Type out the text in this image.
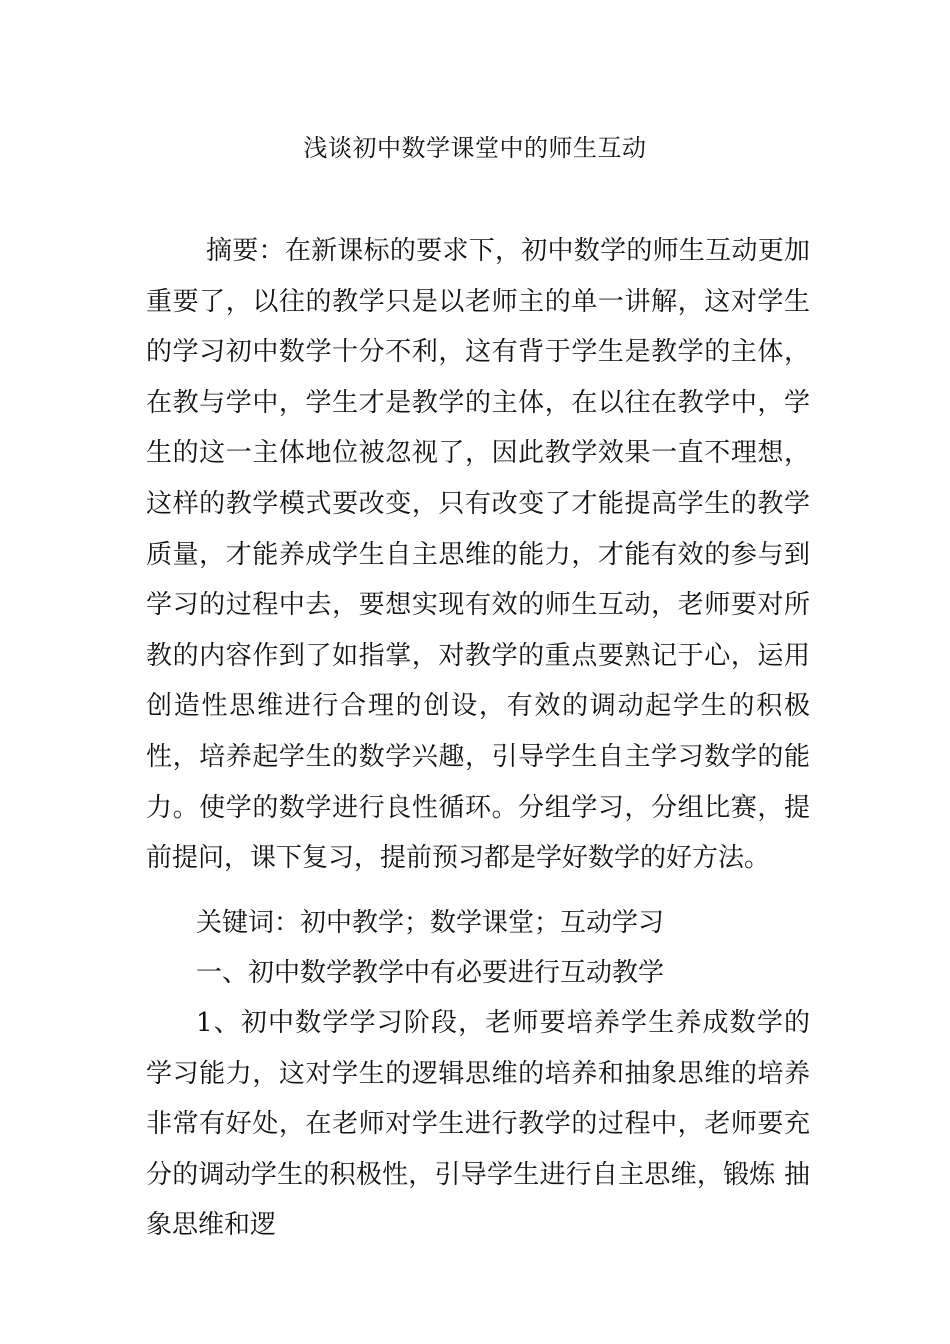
浅谈初中数学课堂中的师生互动
摘要：在新课标的要求下，初中数学的师生互动更加重要了，以往的教学只是以老师主的单一讲解，这对学生的学习初中数学十分不利，这有背于学生是教学的主体，在教与学中，学生才是教学的主体，在以往在教学中，学生的这一主体地位被忽视了，因此教学效果一直不理想，这样的教学模式要改变，只有改变了才能提高学生的教学质量，才能养成学生自主思维的能力，才能有效的参与到学习的过程中去，要想实现有效的师生互动，老师要对所教的内容作到了如指掌，对教学的重点要熟记于心，运用创造性思维进行合理的创设，有效的调动起学生的积极性，培养起学生的数学兴趣，引导学生自主学习数学的能力。使学的数学进行良性循环。分组学习，分组比赛，提前提问，课下复习，提前预习都是学好数学的好方法。
关键词：初中教学；数学课堂；互动学习
一、初中数学教学中有必要进行互动教学
1、初中数学学习阶段，老师要培养学生养成数学的学习能力，这对学生的逻辑思维的培养和抽象思维的培养非常有好处，在老师对学生进行教学的过程中，老师要充分的调动学生的积极性，引导学生进行自主思维，锻炼 抽象思维和逻
